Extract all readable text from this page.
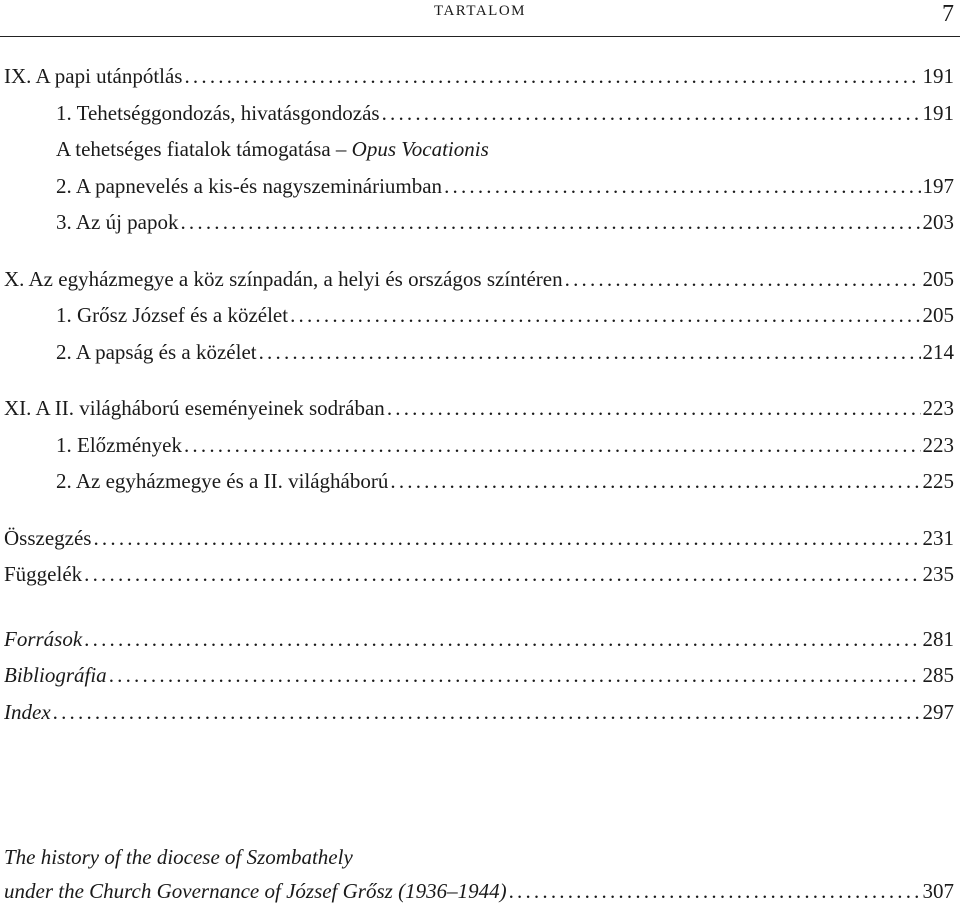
TARTALOM	7
IX. A papi utánpótlás .....	191
1. Tehetséggondozás, hivatásgondozás .....	191
A tehetséges fiatalok támogatása – Opus Vocationis
2. A papnevelés a kis-és nagyszemináriumban .....	197
3. Az új papok .....	203
X. Az egyházmegye a köz színpadán, a helyi és országos színtéren .....	205
1. Grősz József és a közélet .....	205
2. A papság és a közélet .....	214
XI. A II. világháború eseményeinek sodrában .....	223
1. Előzmények .....	223
2. Az egyházmegye és a II. világháború .....	225
Összegzés .....	231
Függelék .....	235
Források .....	281
Bibliográfia .....	285
Index .....	297
The history of the diocese of Szombathely
under the Church Governance of József Grősz (1936–1944) .....	307
